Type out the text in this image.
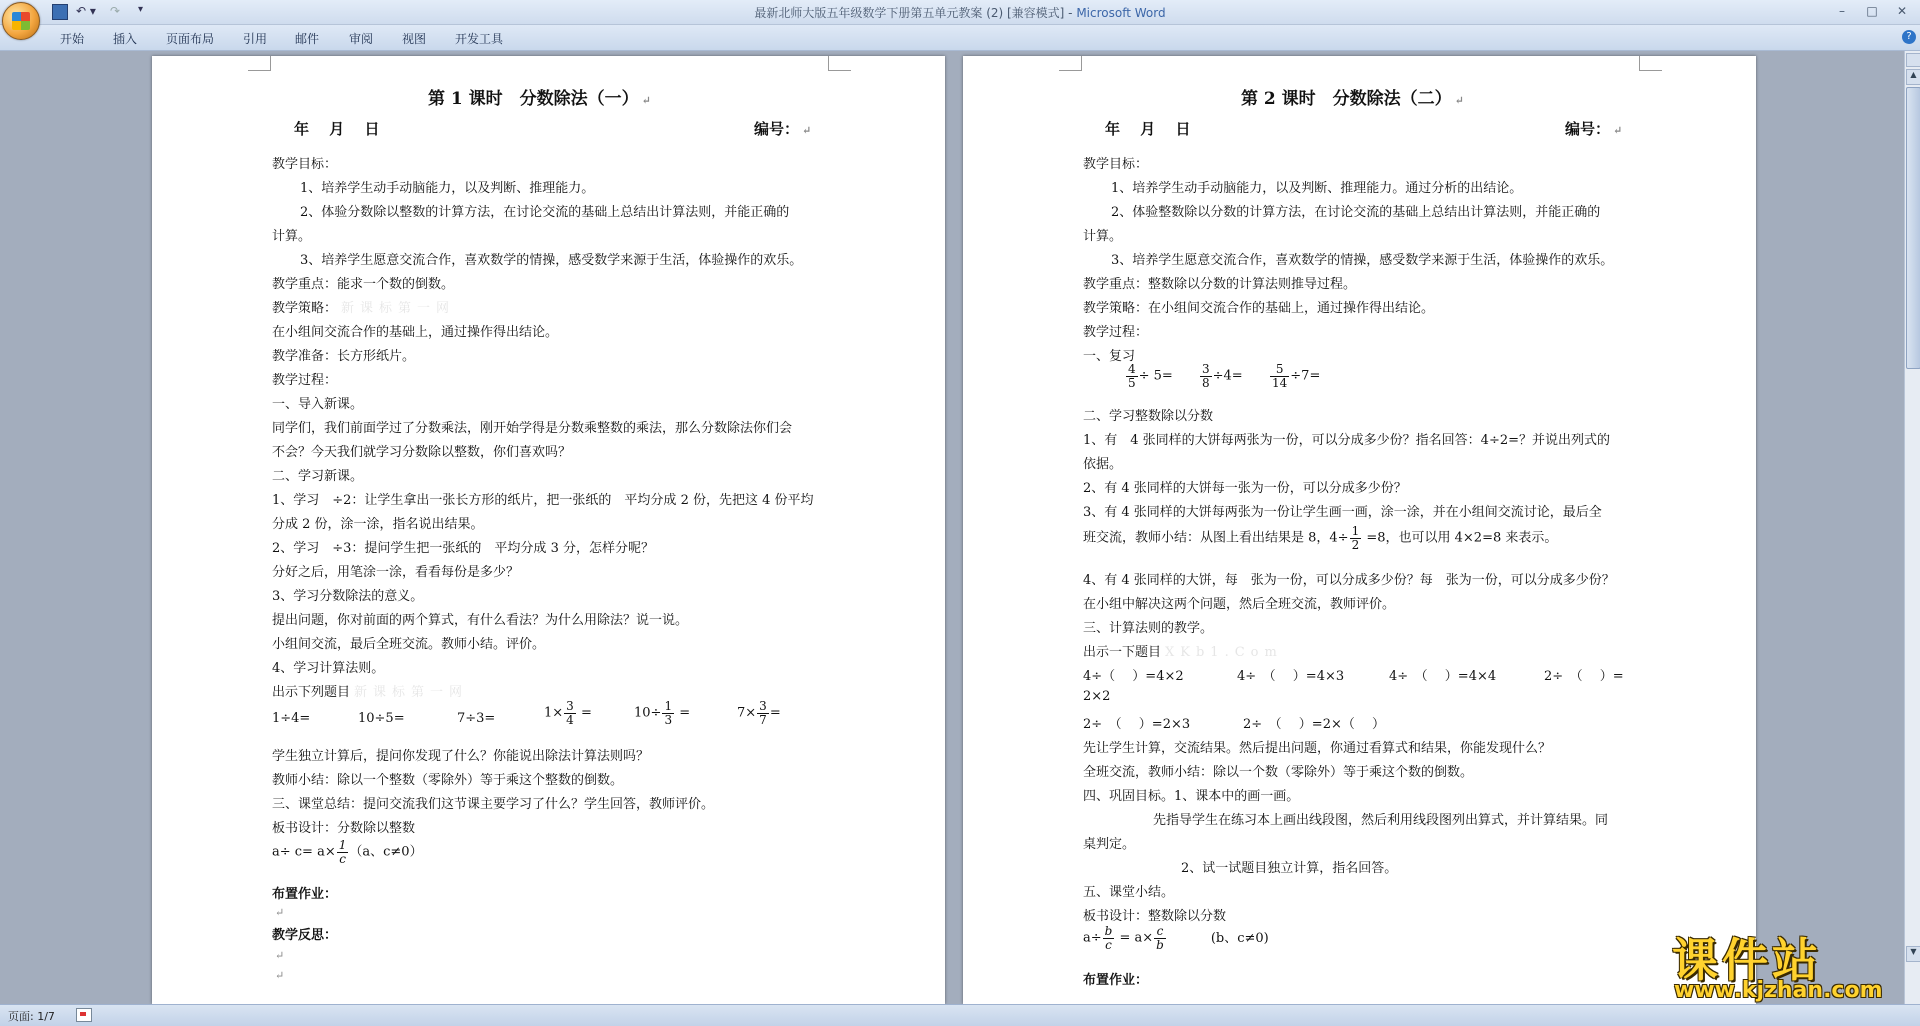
↶ ▾ ↷ ▾	最新北师大版五年级数学下册第五单元教案 (2) [兼容模式] - Microsoft Word	–	□	✕
开始 插入 页面布局 引用 邮件 审阅 视图 开发工具	?
第 1 课时　分数除法（一） ↵
年　 月　 日	编号： ↵
教学目标：
1、培养学生动手动脑能力，以及判断、推理能力。
2、体验分数除以整数的计算方法，在讨论交流的基础上总结出计算法则，并能正确的
计算。
3、培养学生愿意交流合作，喜欢数学的情操，感受数学来源于生活，体验操作的欢乐。
教学重点：能求一个数的倒数。
教学策略： 新课标第一网
在小组间交流合作的基础上，通过操作得出结论。
教学准备：长方形纸片。
教学过程：
一、导入新课。
同学们，我们前面学过了分数乘法，刚开始学得是分数乘整数的乘法，那么分数除法你们会
不会？今天我们就学习分数除以整数，你们喜欢吗？
二、学习新课。
1、学习　÷2：让学生拿出一张长方形的纸片，把一张纸的　平均分成 2 份，先把这 4 份平均
分成 2 份，涂一涂，指名说出结果。
2、学习　÷3：提问学生把一张纸的　平均分成 3 分，怎样分呢？
分好之后，用笔涂一涂，看看每份是多少？
3、学习分数除法的意义。
提出问题，你对前面的两个算式，有什么看法？为什么用除法？说一说。
小组间交流，最后全班交流。教师小结。评价。
4、学习计算法则。
出示下列题目 新课标第一网
1÷4=	10÷5=	7÷3=	$1\times \frac{3}{4}$ =	$10\div \frac{1}{3}$ =	$7\times \frac{3}{7}$ =
学生独立计算后，提问你发现了什么？你能说出除法计算法则吗？
教师小结：除以一个整数（零除外）等于乘这个整数的倒数。
三、课堂总结：提问交流我们这节课主要学习了什么？学生回答，教师评价。
板书设计：分数除以整数
$a\div c= a\times \frac{1}{c} (a$、c≠0）
布置作业：
↵
教学反思：
↵
↵
第 2 课时　分数除法（二） ↵
年　 月　 日	编号： ↵
教学目标：
1、培养学生动手动脑能力，以及判断、推理能力。通过分析的出结论。
2、体验整数除以分数的计算方法，在讨论交流的基础上总结出计算法则，并能正确的
计算。
3、培养学生愿意交流合作，喜欢数学的情操，感受数学来源于生活，体验操作的欢乐。
教学重点：整数除以分数的计算法则推导过程。
教学策略：在小组间交流合作的基础上，通过操作得出结论。
教学过程：
一、复习
$\frac{4}{5} \div 5= \frac{3}{8} \div 4= \frac{5}{14} \div 7=$
二、学习整数除以分数
1、有　4 张同样的大饼每两张为一份，可以分成多少份？指名回答：4÷2=？并说出列式的
依据。
2、有 4 张同样的大饼每一张为一份，可以分成多少份？
3、有 4 张同样的大饼每两张为一份让学生画一画，涂一涂，并在小组间交流讨论，最后全
班交流，教师小结：从图上看出结果是 8，$4\div \frac{1}{2} =8$，也可以用 4×2=8 来表示。
4、有 4 张同样的大饼，每　张为一份，可以分成多少份？每　张为一份，可以分成多少份？
在小组中解决这两个问题，然后全班交流，教师评价。
三、计算法则的教学。
出示一下题目 XKb1.Com
4÷（　 ）=4×2	4÷　（　 ）=4×3	4÷　（　 ）=4×4	2÷　（　 ）=
2×2
2÷　（　 ）=2×3	2÷　（　 ）=2×（　 ）
先让学生计算，交流结果。然后提出问题，你通过看算式和结果，你能发现什么？
全班交流，教师小结：除以一个数（零除外）等于乘这个数的倒数。
四、巩固目标。1、课本中的画一画。
先指导学生在练习本上画出线段图，然后利用线段图列出算式，并计算结果。同
桌判定。
2、试一试题目独立计算，指名回答。
五、课堂小结。
板书设计：整数除以分数
$a\div \frac{b}{c} = a\times \frac{c}{b}$	(b、c≠0)
布置作业：
▲
▼
页面: 1/7
课件站
www.kjzhan.com
